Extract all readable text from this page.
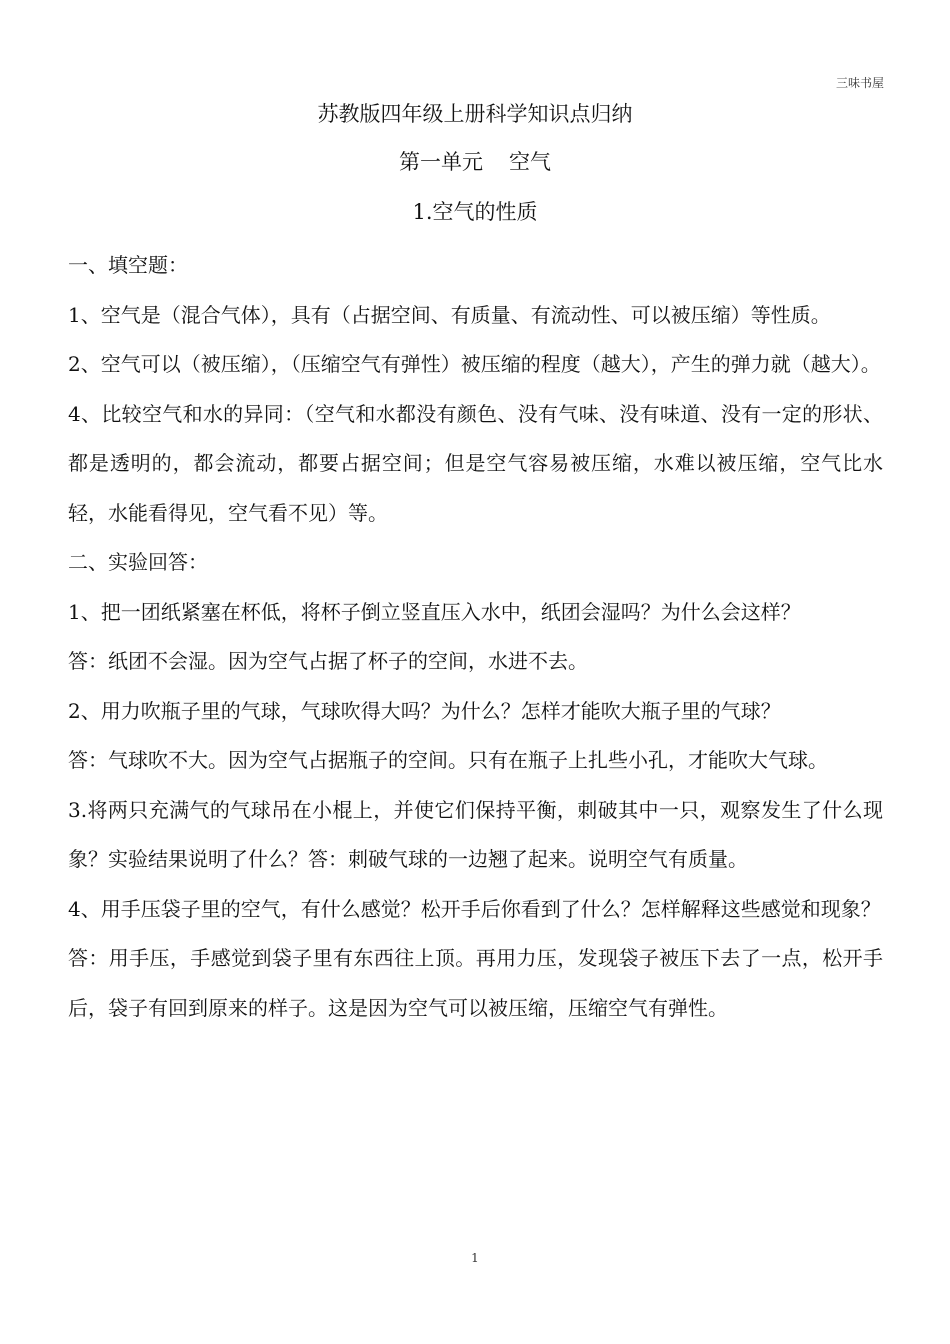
三味书屋
苏教版四年级上册科学知识点归纳
第一单元 空气
1.空气的性质

一、填空题：

1、空气是（混合气体），具有（占据空间、有质量、有流动性、可以被压缩）等性质。

2、空气可以（被压缩），（压缩空气有弹性）被压缩的程度（越大），产生的弹力就（越大）。

4、比较空气和水的异同：（空气和水都没有颜色、没有气味、没有味道、没有一定的形状、都是透明的，都会流动，都要占据空间；但是空气容易被压缩，水难以被压缩，空气比水轻，水能看得见，空气看不见）等。

二、实验回答：

1、把一团纸紧塞在杯低，将杯子倒立竖直压入水中，纸团会湿吗？为什么会这样？

答：纸团不会湿。因为空气占据了杯子的空间，水进不去。

2、用力吹瓶子里的气球，气球吹得大吗？为什么？怎样才能吹大瓶子里的气球？

答：气球吹不大。因为空气占据瓶子的空间。只有在瓶子上扎些小孔，才能吹大气球。

3.将两只充满气的气球吊在小棍上，并使它们保持平衡，刺破其中一只，观察发生了什么现象？实验结果说明了什么？答：刺破气球的一边翘了起来。说明空气有质量。

4、用手压袋子里的空气，有什么感觉？松开手后你看到了什么？怎样解释这些感觉和现象？

答：用手压，手感觉到袋子里有东西往上顶。再用力压，发现袋子被压下去了一点，松开手后，袋子有回到原来的样子。这是因为空气可以被压缩，压缩空气有弹性。

1
